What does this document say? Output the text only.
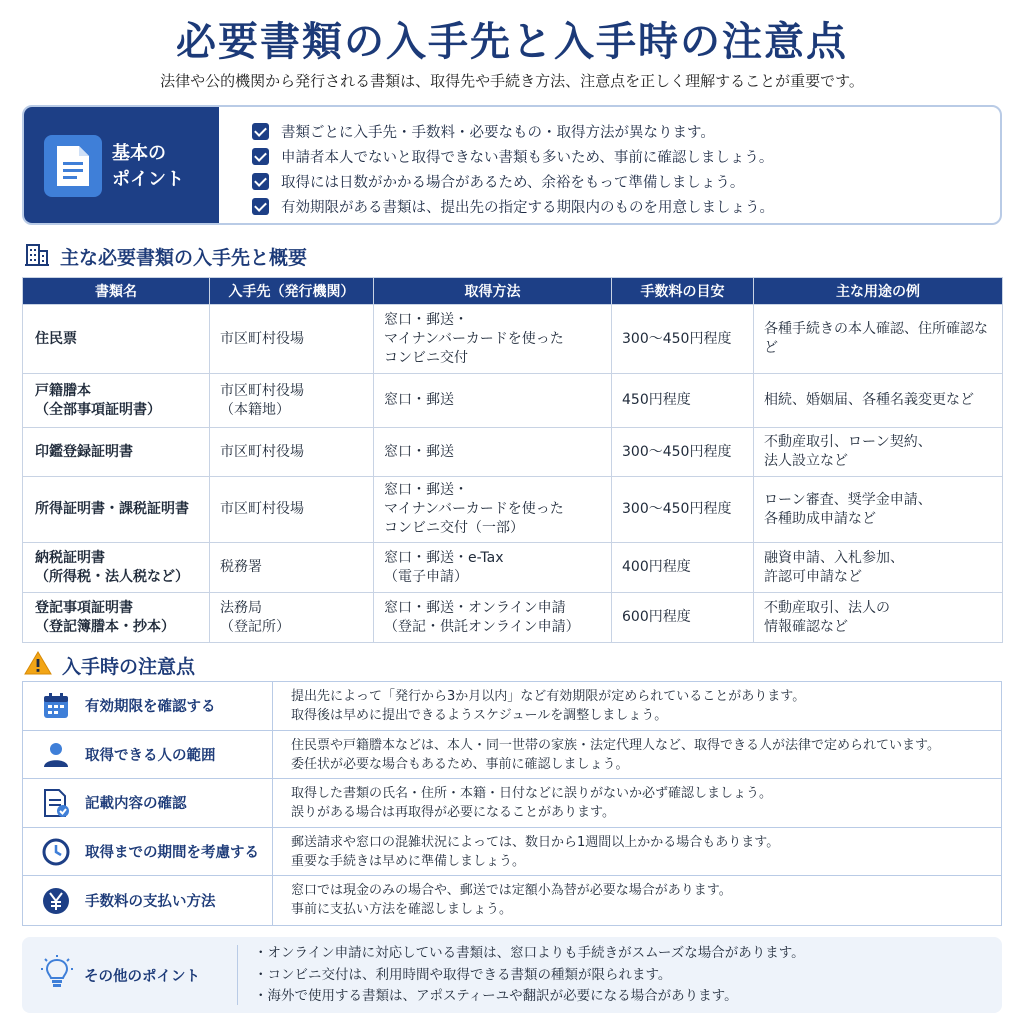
必要書類の入手先と入手時の注意点
法律や公的機関から発行される書類は、取得先や手続き方法、注意点を正しく理解することが重要です。
基本の
ポイント
書類ごとに入手先・手数料・必要なもの・取得方法が異なります。
申請者本人でないと取得できない書類も多いため、事前に確認しましょう。
取得には日数がかかる場合があるため、余裕をもって準備しましょう。
有効期限がある書類は、提出先の指定する期限内のものを用意しましょう。
主な必要書類の入手先と概要
書類名	入手先（発行機関）	取得方法	手数料の目安	主な用途の例
住民票	市区町村役場	窓口・郵送・
マイナンバーカードを使った
コンビニ交付	300〜450円程度	各種手続きの本人確認、住所確認など
戸籍謄本
（全部事項証明書）	市区町村役場
（本籍地）	窓口・郵送	450円程度	相続、婚姻届、各種名義変更など
印鑑登録証明書	市区町村役場	窓口・郵送	300〜450円程度	不動産取引、ローン契約、
法人設立など
所得証明書・課税証明書	市区町村役場	窓口・郵送・
マイナンバーカードを使った
コンビニ交付（一部）	300〜450円程度	ローン審査、奨学金申請、
各種助成申請など
納税証明書
（所得税・法人税など）	税務署	窓口・郵送・e-Tax
（電子申請）	400円程度	融資申請、入札参加、
許認可申請など
登記事項証明書
（登記簿謄本・抄本）	法務局
（登記所）	窓口・郵送・オンライン申請
（登記・供託オンライン申請）	600円程度	不動産取引、法人の
情報確認など
入手時の注意点
有効期限を確認する
提出先によって「発行から3か月以内」など有効期限が定められていることがあります。
取得後は早めに提出できるようスケジュールを調整しましょう。
取得できる人の範囲
住民票や戸籍謄本などは、本人・同一世帯の家族・法定代理人など、取得できる人が法律で定められています。
委任状が必要な場合もあるため、事前に確認しましょう。
記載内容の確認
取得した書類の氏名・住所・本籍・日付などに誤りがないか必ず確認しましょう。
誤りがある場合は再取得が必要になることがあります。
取得までの期間を考慮する
郵送請求や窓口の混雑状況によっては、数日から1週間以上かかる場合もあります。
重要な手続きは早めに準備しましょう。
手数料の支払い方法
窓口では現金のみの場合や、郵送では定額小為替が必要な場合があります。
事前に支払い方法を確認しましょう。
その他のポイント
・オンライン申請に対応している書類は、窓口よりも手続きがスムーズな場合があります。
・コンビニ交付は、利用時間や取得できる書類の種類が限られます。
・海外で使用する書類は、アポスティーユや翻訳が必要になる場合があります。
